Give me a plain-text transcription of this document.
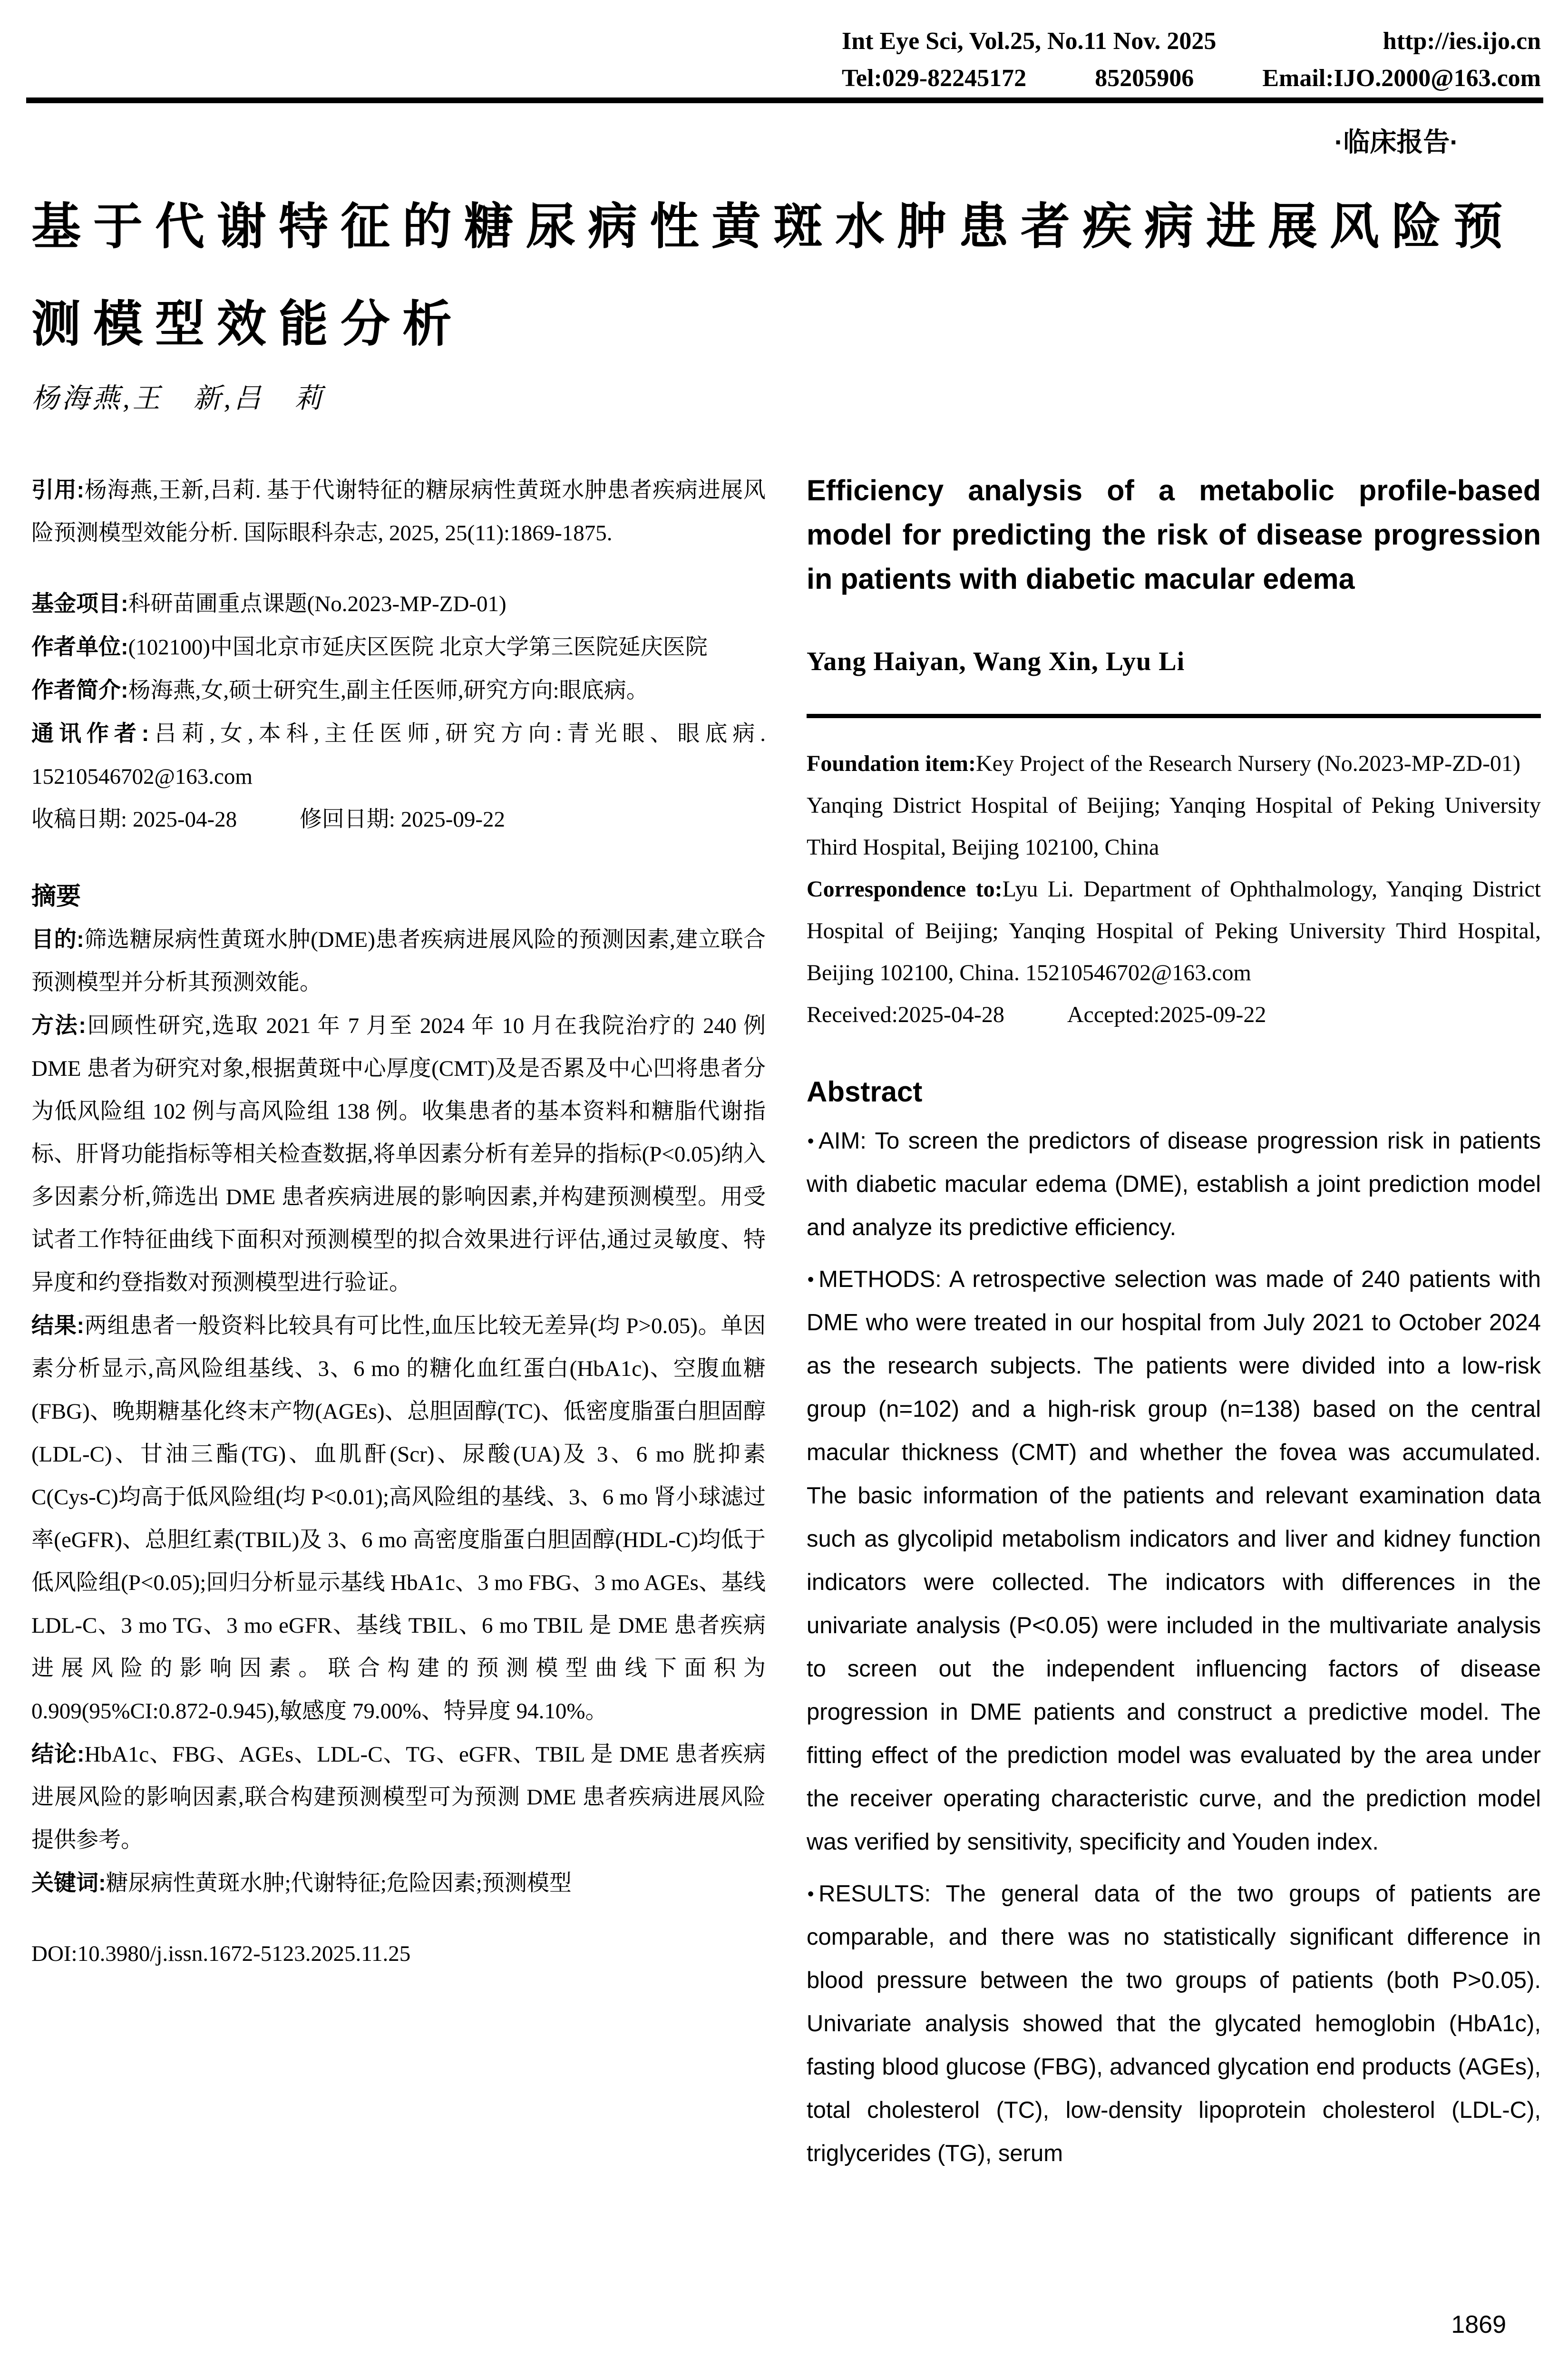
Int Eye Sci, Vol.25, No.11 Nov. 2025	http://ies.ijo.cn
Tel:029-82245172	85205906	Email:IJO.2000@163.com
·临床报告·
基于代谢特征的糖尿病性黄斑水肿患者疾病进展风险预
测模型效能分析
杨海燕,王　新,吕　莉

引用:杨海燕,王新,吕莉. 基于代谢特征的糖尿病性黄斑水肿患者疾病进展风险预测模型效能分析. 国际眼科杂志, 2025, 25(11):1869-1875.

基金项目:科研苗圃重点课题(No.2023-MP-ZD-01)

作者单位:(102100)中国北京市延庆区医院 北京大学第三医院延庆医院

作者简介:杨海燕,女,硕士研究生,副主任医师,研究方向:眼底病。

通讯作者:吕莉,女,本科,主任医师,研究方向:青光眼、眼底病. 15210546702@163.com

收稿日期: 2025-04-28	修回日期: 2025-09-22

摘要

目的:筛选糖尿病性黄斑水肿(DME)患者疾病进展风险的预测因素,建立联合预测模型并分析其预测效能。

方法:回顾性研究,选取 2021 年 7 月至 2024 年 10 月在我院治疗的 240 例 DME 患者为研究对象,根据黄斑中心厚度(CMT)及是否累及中心凹将患者分为低风险组 102 例与高风险组 138 例。收集患者的基本资料和糖脂代谢指标、肝肾功能指标等相关检查数据,将单因素分析有差异的指标(P<0.05)纳入多因素分析,筛选出 DME 患者疾病进展的影响因素,并构建预测模型。用受试者工作特征曲线下面积对预测模型的拟合效果进行评估,通过灵敏度、特异度和约登指数对预测模型进行验证。

结果:两组患者一般资料比较具有可比性,血压比较无差异(均 P>0.05)。单因素分析显示,高风险组基线、3、6 mo 的糖化血红蛋白(HbA1c)、空腹血糖(FBG)、晚期糖基化终末产物(AGEs)、总胆固醇(TC)、低密度脂蛋白胆固醇(LDL-C)、甘油三酯(TG)、血肌酐(Scr)、尿酸(UA)及 3、6 mo 胱抑素 C(Cys-C)均高于低风险组(均 P<0.01);高风险组的基线、3、6 mo 肾小球滤过率(eGFR)、总胆红素(TBIL)及 3、6 mo 高密度脂蛋白胆固醇(HDL-C)均低于低风险组(P<0.05);回归分析显示基线 HbA1c、3 mo FBG、3 mo AGEs、基线 LDL-C、3 mo TG、3 mo eGFR、基线 TBIL、6 mo TBIL 是 DME 患者疾病进展风险的影响因素。联合构建的预测模型曲线下面积为 0.909(95%CI:0.872-0.945),敏感度 79.00%、特异度 94.10%。

结论:HbA1c、FBG、AGEs、LDL-C、TG、eGFR、TBIL 是 DME 患者疾病进展风险的影响因素,联合构建预测模型可为预测 DME 患者疾病进展风险提供参考。

关键词:糖尿病性黄斑水肿;代谢特征;危险因素;预测模型

DOI:10.3980/j.issn.1672-5123.2025.11.25

Efficiency analysis of a metabolic profile-based model for predicting the risk of disease progression in patients with diabetic macular edema
Yang Haiyan, Wang Xin, Lyu Li

Foundation item:Key Project of the Research Nursery (No.2023-MP-ZD-01)

Yanqing District Hospital of Beijing; Yanqing Hospital of Peking University Third Hospital, Beijing 102100, China

Correspondence to:Lyu Li. Department of Ophthalmology, Yanqing District Hospital of Beijing; Yanqing Hospital of Peking University Third Hospital, Beijing 102100, China. 15210546702@163.com

Received:2025-04-28	Accepted:2025-09-22

Abstract

• AIM: To screen the predictors of disease progression risk in patients with diabetic macular edema (DME), establish a joint prediction model and analyze its predictive efficiency.

• METHODS: A retrospective selection was made of 240 patients with DME who were treated in our hospital from July 2021 to October 2024 as the research subjects. The patients were divided into a low-risk group (n=102) and a high-risk group (n=138) based on the central macular thickness (CMT) and whether the fovea was accumulated. The basic information of the patients and relevant examination data such as glycolipid metabolism indicators and liver and kidney function indicators were collected. The indicators with differences in the univariate analysis (P<0.05) were included in the multivariate analysis to screen out the independent influencing factors of disease progression in DME patients and construct a predictive model. The fitting effect of the prediction model was evaluated by the area under the receiver operating characteristic curve, and the prediction model was verified by sensitivity, specificity and Youden index.

• RESULTS: The general data of the two groups of patients are comparable, and there was no statistically significant difference in blood pressure between the two groups of patients (both P>0.05). Univariate analysis showed that the glycated hemoglobin (HbA1c), fasting blood glucose (FBG), advanced glycation end products (AGEs), total cholesterol (TC), low-density lipoprotein cholesterol (LDL-C), triglycerides (TG), serum

1869
